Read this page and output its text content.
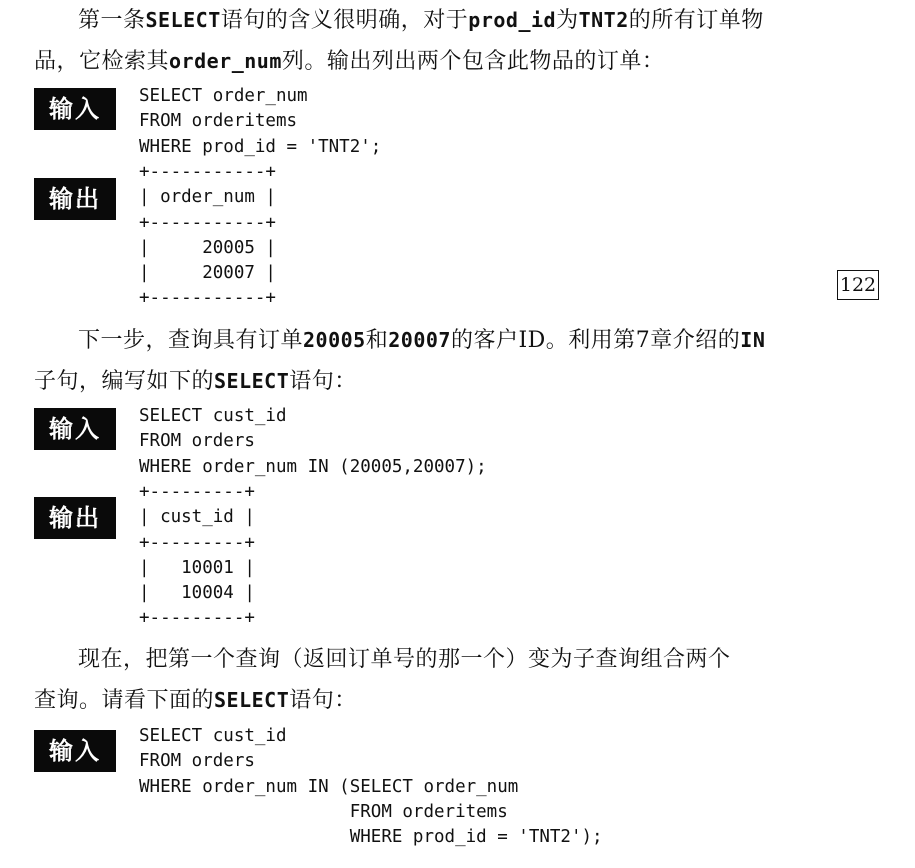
第一条SELECT语句的含义很明确，对于prod_id为TNT2的所有订单物
品，它检索其order_num列。输出列出两个包含此物品的订单：

输入	SELECT order_num
FROM orderitems
WHERE prod_id = 'TNT2';
输出
+-----------+
| order_num |
+-----------+
|     20005 |
|     20007 |
+-----------+
122

下一步，查询具有订单20005和20007的客户ID。利用第7章介绍的IN
子句，编写如下的SELECT语句：

输入	SELECT cust_id
FROM orders
WHERE order_num IN (20005,20007);
输出
+---------+
| cust_id |
+---------+
|   10001 |
|   10004 |
+---------+

现在，把第一个查询（返回订单号的那一个）变为子查询组合两个
查询。请看下面的SELECT语句：

输入
SELECT cust_id
FROM orders
WHERE order_num IN (SELECT order_num
FROM orderitems
WHERE prod_id = 'TNT2');
